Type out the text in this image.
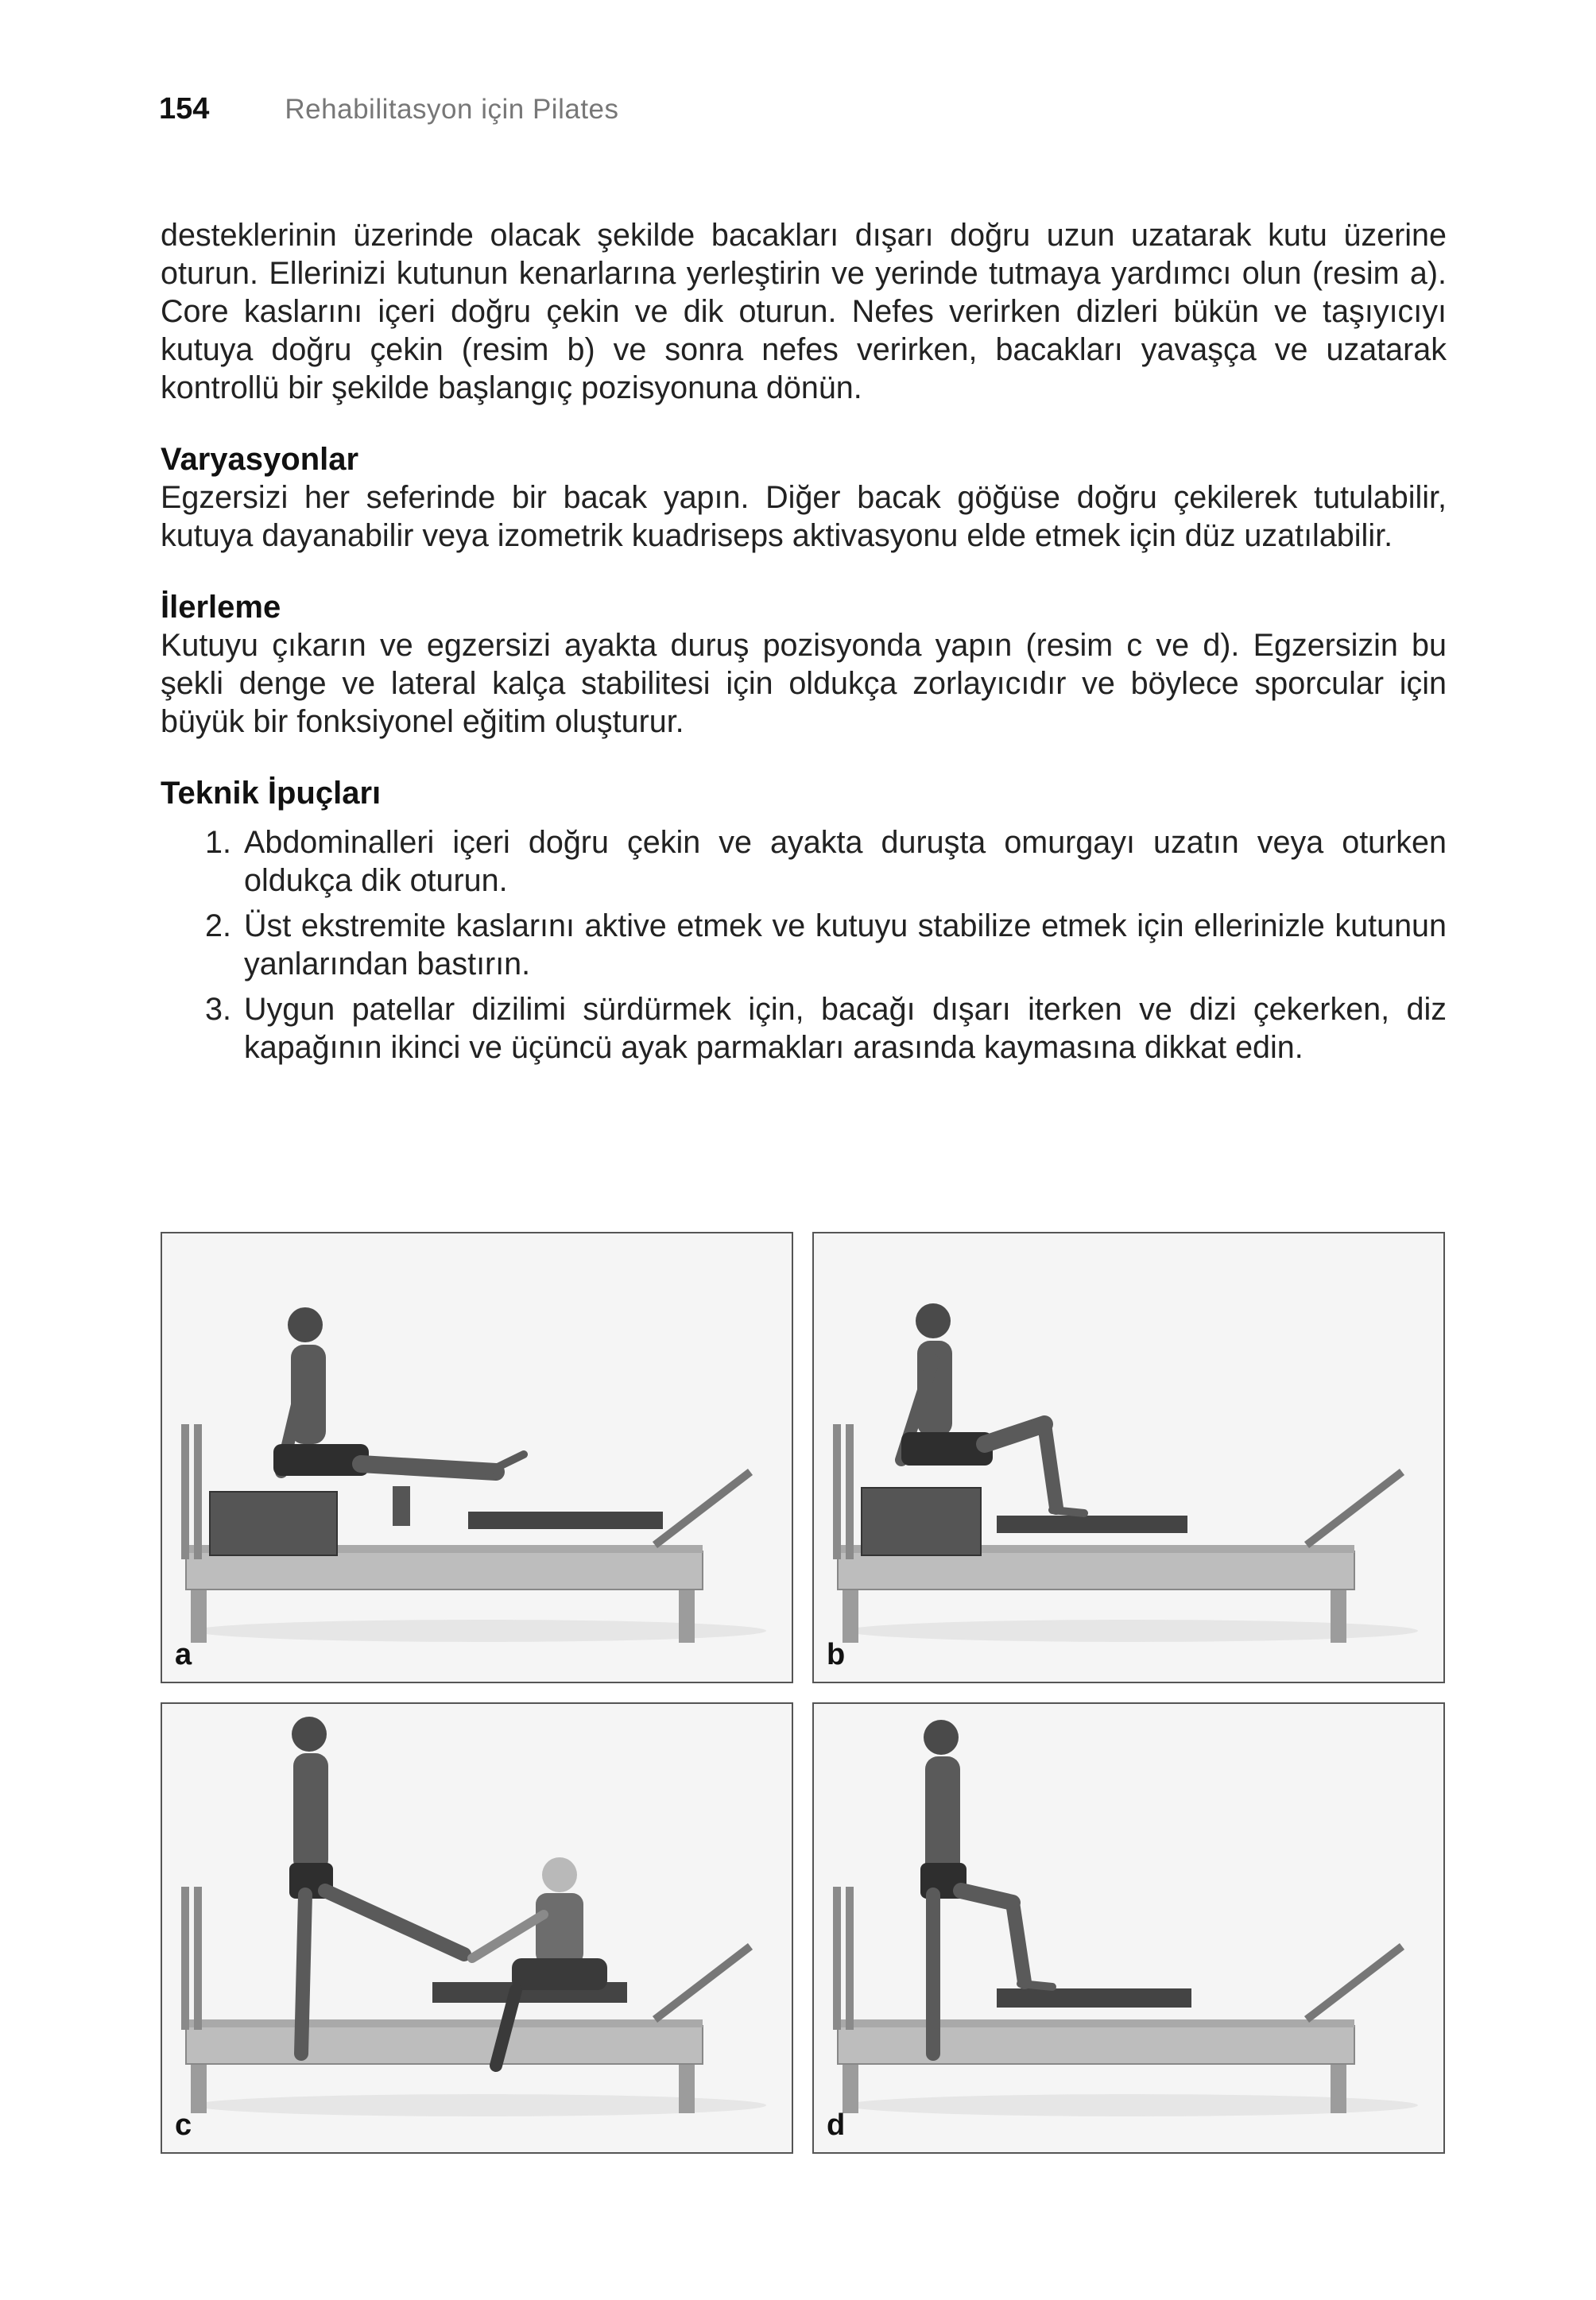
154	Rehabilitasyon için Pilates

desteklerinin üzerinde olacak şekilde bacakları dışarı doğru uzun uzatarak kutu üzerine oturun. Ellerinizi kutunun kenarlarına yerleştirin ve yerinde tutmaya yardımcı olun (resim a). Core kaslarını içeri doğru çekin ve dik oturun. Nefes verirken dizleri bükün ve taşıyıcıyı kutuya doğru çekin (resim b) ve sonra nefes verirken, bacakları yavaşça ve uzatarak kontrollü bir şekilde başlangıç pozisyonuna dönün.

Varyasyonlar

Egzersizi her seferinde bir bacak yapın. Diğer bacak göğüse doğru çekilerek tutulabilir, kutuya dayanabilir veya izometrik kuadriseps aktivasyonu elde etmek için düz uzatılabilir.

İlerleme

Kutuyu çıkarın ve egzersizi ayakta duruş pozisyonda yapın (resim c ve d). Egzersizin bu şekli denge ve lateral kalça stabilitesi için oldukça zorlayıcıdır ve böylece sporcular için büyük bir fonksiyonel eğitim oluşturur.

Teknik İpuçları
1. Abdominalleri içeri doğru çekin ve ayakta duruşta omurgayı uzatın veya oturken oldukça dik oturun.
2. Üst ekstremite kaslarını aktive etmek ve kutuyu stabilize etmek için ellerinizle kutunun yanlarından bastırın.
3. Uygun patellar dizilimi sürdürmek için, bacağı dışarı iterken ve dizi çekerken, diz kapağının ikinci ve üçüncü ayak parmakları arasında kaymasına dikkat edin.
a	b
c	d
